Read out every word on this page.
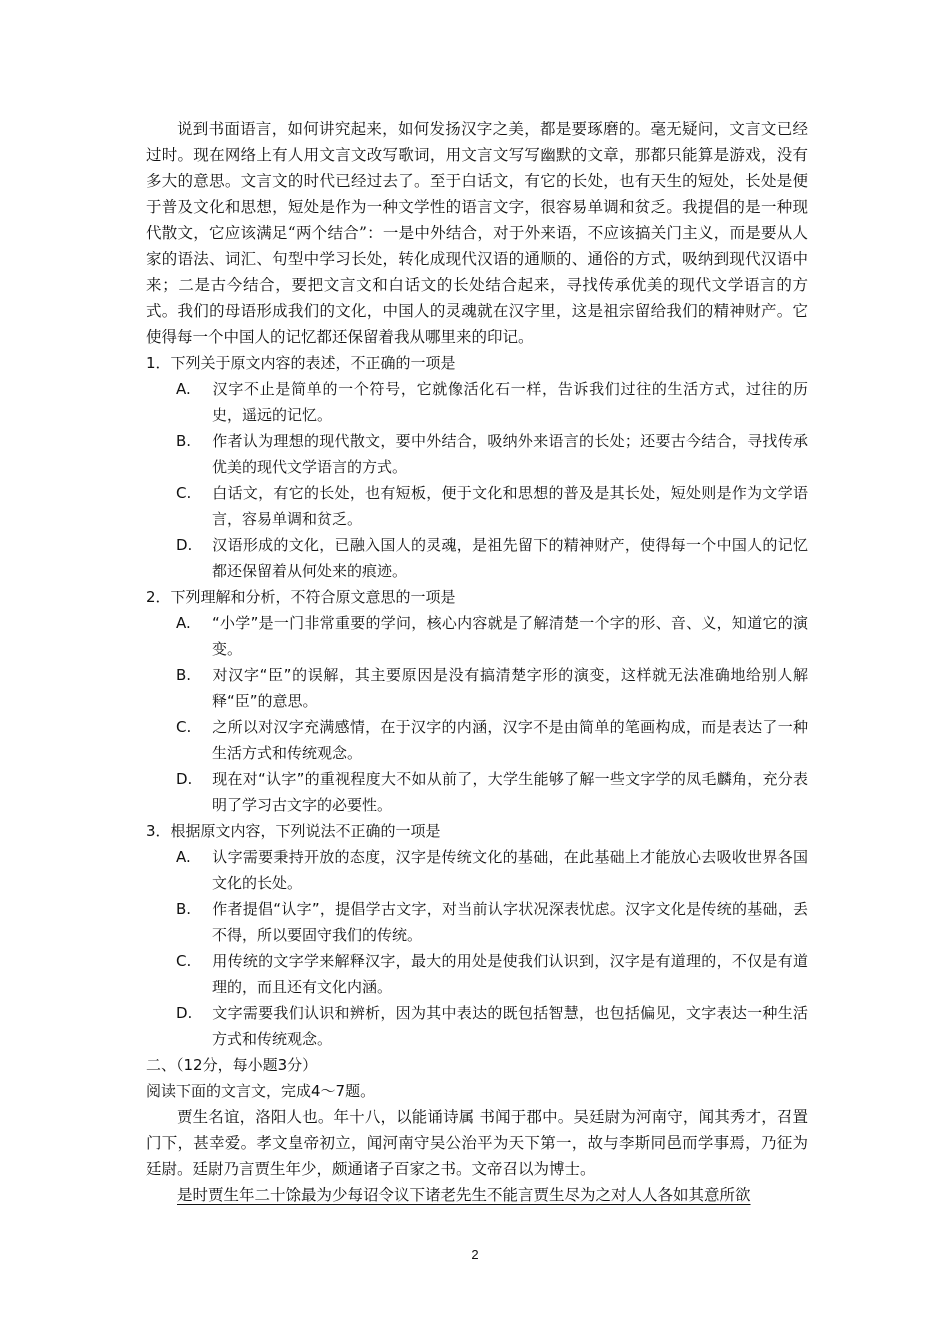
说到书面语言，如何讲究起来，如何发扬汉字之美，都是要琢磨的。毫无疑问，文言文已经过时。现在网络上有人用文言文改写歌词，用文言文写写幽默的文章，那都只能算是游戏，没有多大的意思。文言文的时代已经过去了。至于白话文，有它的长处，也有天生的短处，长处是便于普及文化和思想，短处是作为一种文学性的语言文字，很容易单调和贫乏。我提倡的是一种现代散文，它应该满足“两个结合”：一是中外结合，对于外来语，不应该搞关门主义，而是要从人家的语法、词汇、句型中学习长处，转化成现代汉语的通顺的、通俗的方式，吸纳到现代汉语中来；二是古今结合，要把文言文和白话文的长处结合起来，寻找传承优美的现代文学语言的方式。我们的母语形成我们的文化，中国人的灵魂就在汉字里，这是祖宗留给我们的精神财产。它使得每一个中国人的记忆都还保留着我从哪里来的印记。

1．下列关于原文内容的表述，不正确的一项是

A. 汉字不止是简单的一个符号，它就像活化石一样，告诉我们过往的生活方式，过往的历史，遥远的记忆。

B. 作者认为理想的现代散文，要中外结合，吸纳外来语言的长处；还要古今结合，寻找传承优美的现代文学语言的方式。

C. 白话文，有它的长处，也有短板，便于文化和思想的普及是其长处，短处则是作为文学语言，容易单调和贫乏。

D. 汉语形成的文化，已融入国人的灵魂，是祖先留下的精神财产，使得每一个中国人的记忆都还保留着从何处来的痕迹。

2．下列理解和分析，不符合原文意思的一项是

A. “小学”是一门非常重要的学问，核心内容就是了解清楚一个字的形、音、义，知道它的演变。

B. 对汉字“臣”的误解，其主要原因是没有搞清楚字形的演变，这样就无法准确地给别人解释“臣”的意思。

C. 之所以对汉字充满感情，在于汉字的内涵，汉字不是由简单的笔画构成，而是表达了一种生活方式和传统观念。

D. 现在对“认字”的重视程度大不如从前了，大学生能够了解一些文字学的凤毛麟角，充分表明了学习古文字的必要性。

3．根据原文内容，下列说法不正确的一项是

A. 认字需要秉持开放的态度，汉字是传统文化的基础，在此基础上才能放心去吸收世界各国文化的长处。

B. 作者提倡“认字”，提倡学古文字，对当前认字状况深表忧虑。汉字文化是传统的基础，丢不得，所以要固守我们的传统。

C. 用传统的文字学来解释汉字，最大的用处是使我们认识到，汉字是有道理的，不仅是有道理的，而且还有文化内涵。

D. 文字需要我们认识和辨析，因为其中表达的既包括智慧，也包括偏见，文字表达一种生活方式和传统观念。

二、（12分，每小题3分）

阅读下面的文言文，完成4～7题。

贾生名谊，洛阳人也。年十八，以能诵诗属 书闻于郡中。吴廷尉为河南守，闻其秀才，召置门下，甚幸爱。孝文皇帝初立，闻河南守吴公治平为天下第一，故与李斯同邑而学事焉，乃征为廷尉。廷尉乃言贾生年少，颇通诸子百家之书。文帝召以为博士。

是时贾生年二十馀最为少每诏令议下诸老先生不能言贾生尽为之对人人各如其意所欲

2
